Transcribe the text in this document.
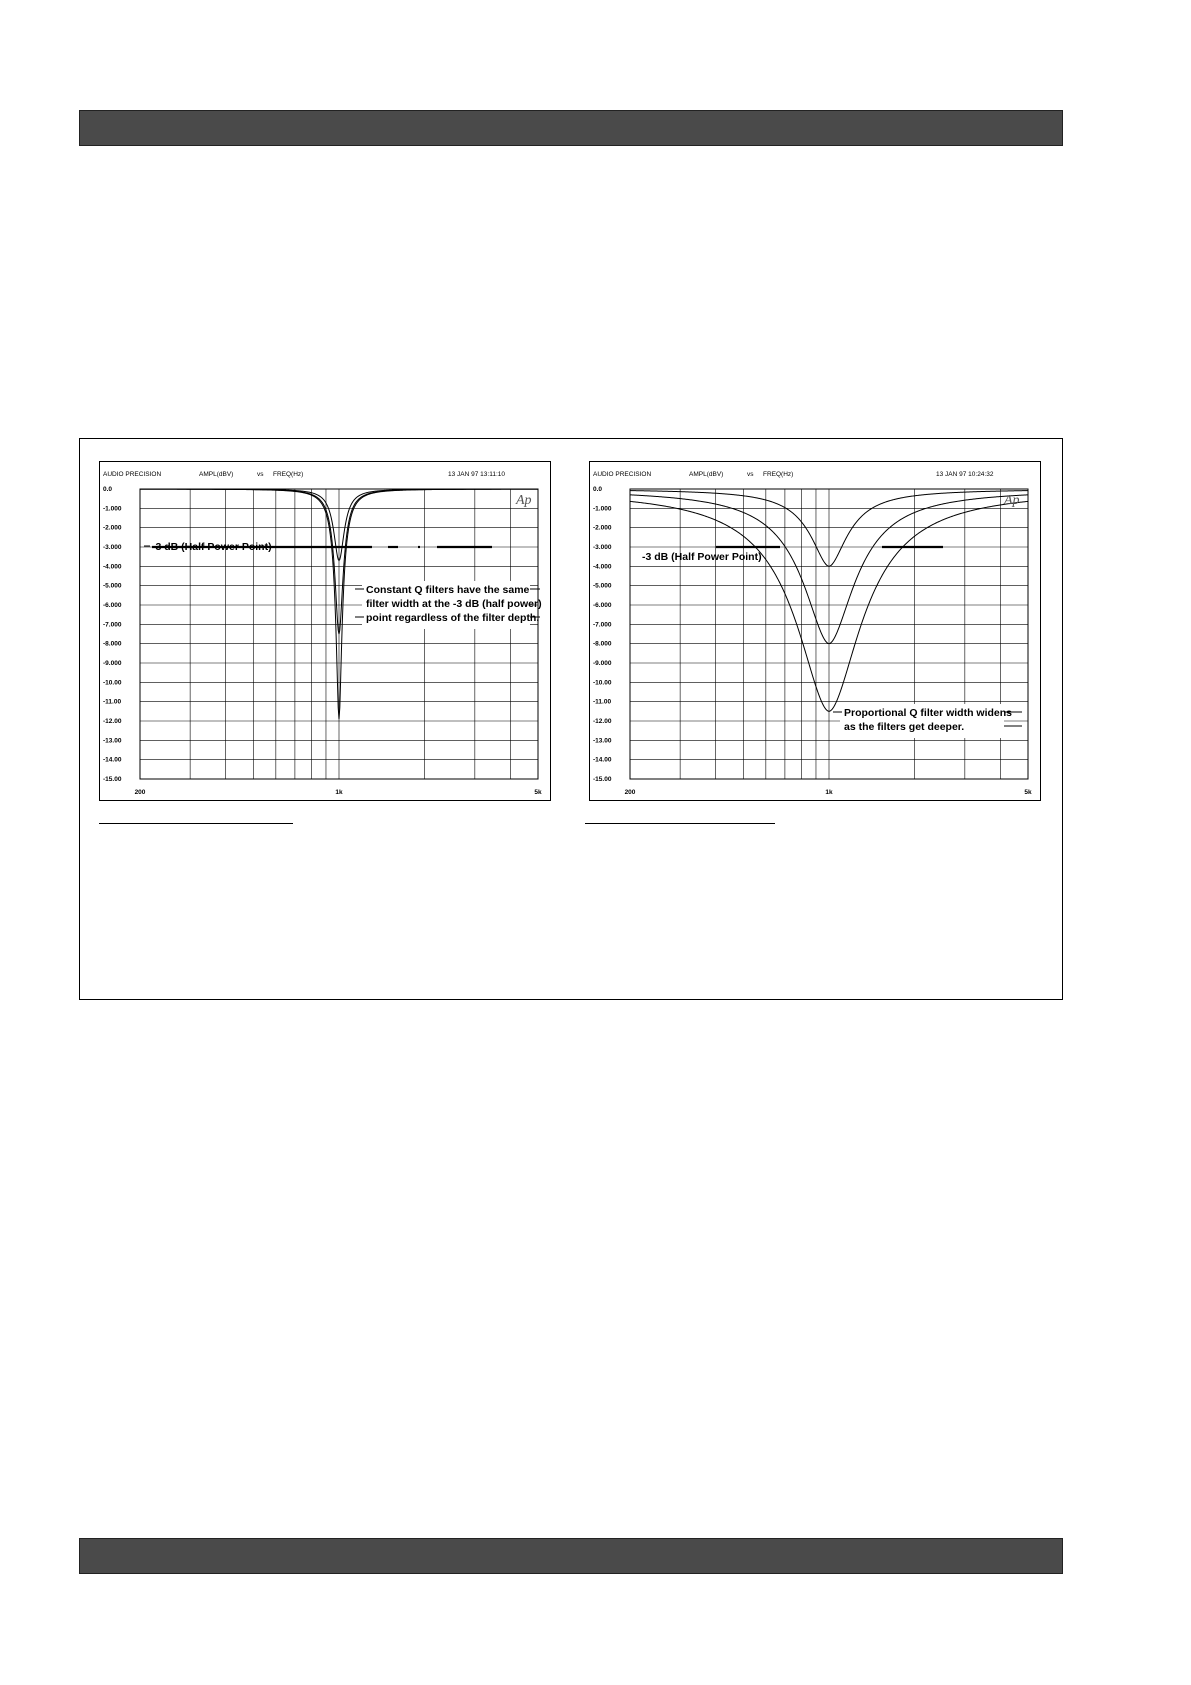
AUDIO PRECISION	AMPL(dBV)	vs FREQ(Hz)	13 JAN 97 13:11:10
0.0
-1.000
-2.000
-3.000
-4.000
-5.000
-6.000
-7.000
-8.000
-9.000
-10.00
-11.00
-12.00
-13.00
-14.00
-15.00
200	1k	5k
-3 dB (Half Power Point)
Constant Q filters have the same
filter width at the -3 dB (half power)
point regardless of the filter depth.
Ap
AUDIO PRECISION	AMPL(dBV)	vs FREQ(Hz)	13 JAN 97 10:24:32
0.0
-1.000
-2.000
-3.000
-4.000
-5.000
-6.000
-7.000
-8.000
-9.000
-10.00
-11.00
-12.00
-13.00
-14.00
-15.00
200	1k	5k
-3 dB (Half Power Point)
Proportional Q filter width widens
as the filters get deeper.
Ap
